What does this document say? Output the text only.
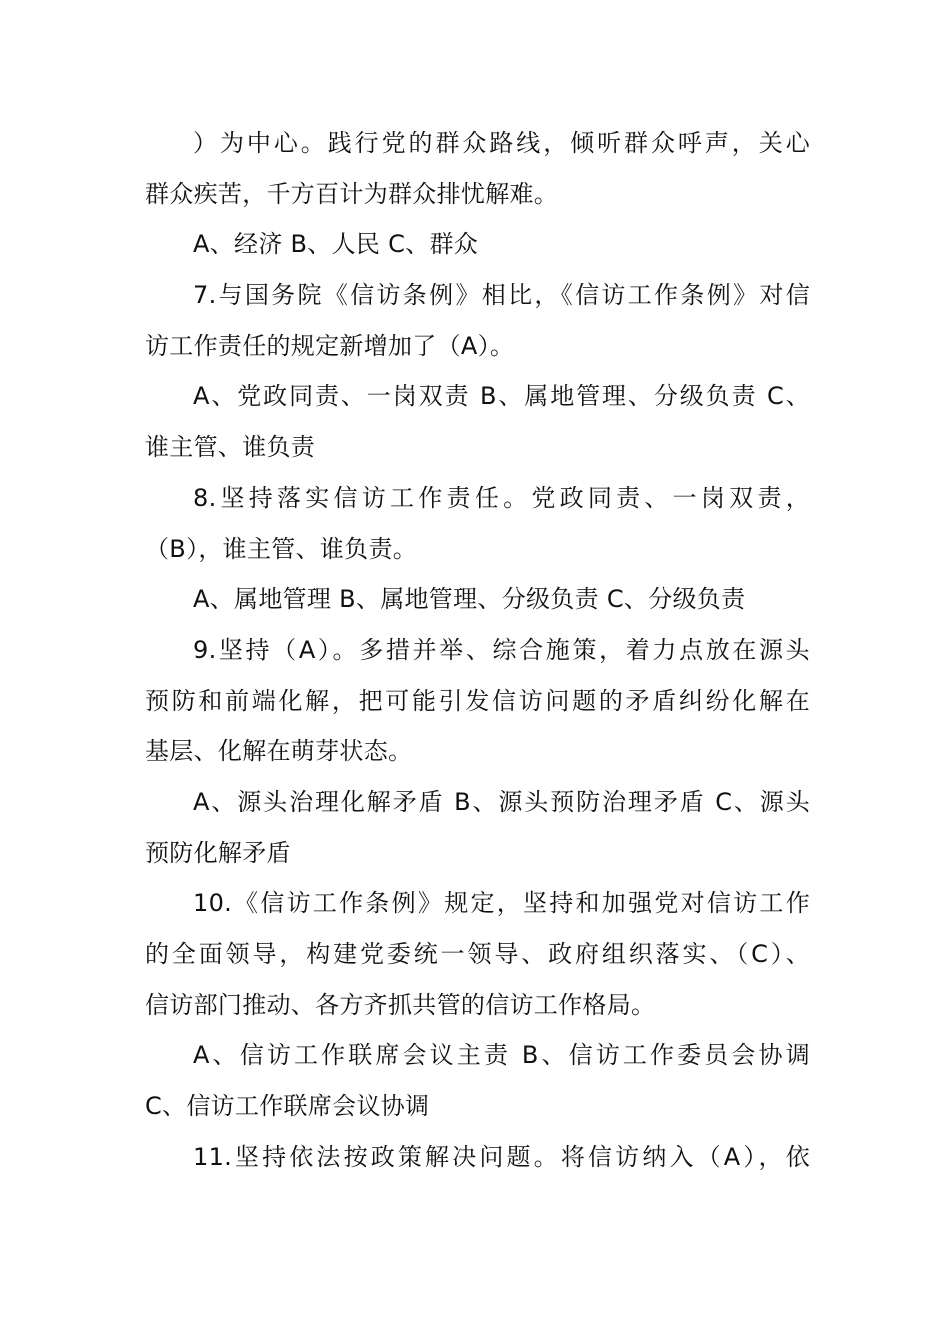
）为中心。践行党的群众路线，倾听群众呼声，关心
群众疾苦，千方百计为群众排忧解难。
A、经济 B、人民 C、群众
7.与国务院《信访条例》相比，《信访工作条例》对信
访工作责任的规定新增加了（A）。
A、党政同责、一岗双责 B、属地管理、分级负责 C、
谁主管、谁负责
8.坚持落实信访工作责任。党政同责、一岗双责，
（B），谁主管、谁负责。
A、属地管理 B、属地管理、分级负责 C、分级负责
9.坚持（A）。多措并举、综合施策，着力点放在源头
预防和前端化解，把可能引发信访问题的矛盾纠纷化解在
基层、化解在萌芽状态。
A、源头治理化解矛盾 B、源头预防治理矛盾 C、源头
预防化解矛盾
10.《信访工作条例》规定，坚持和加强党对信访工作
的全面领导，构建党委统一领导、政府组织落实、（C）、
信访部门推动、各方齐抓共管的信访工作格局。
A、信访工作联席会议主责 B、信访工作委员会协调
C、信访工作联席会议协调
11.坚持依法按政策解决问题。将信访纳入（A），依
